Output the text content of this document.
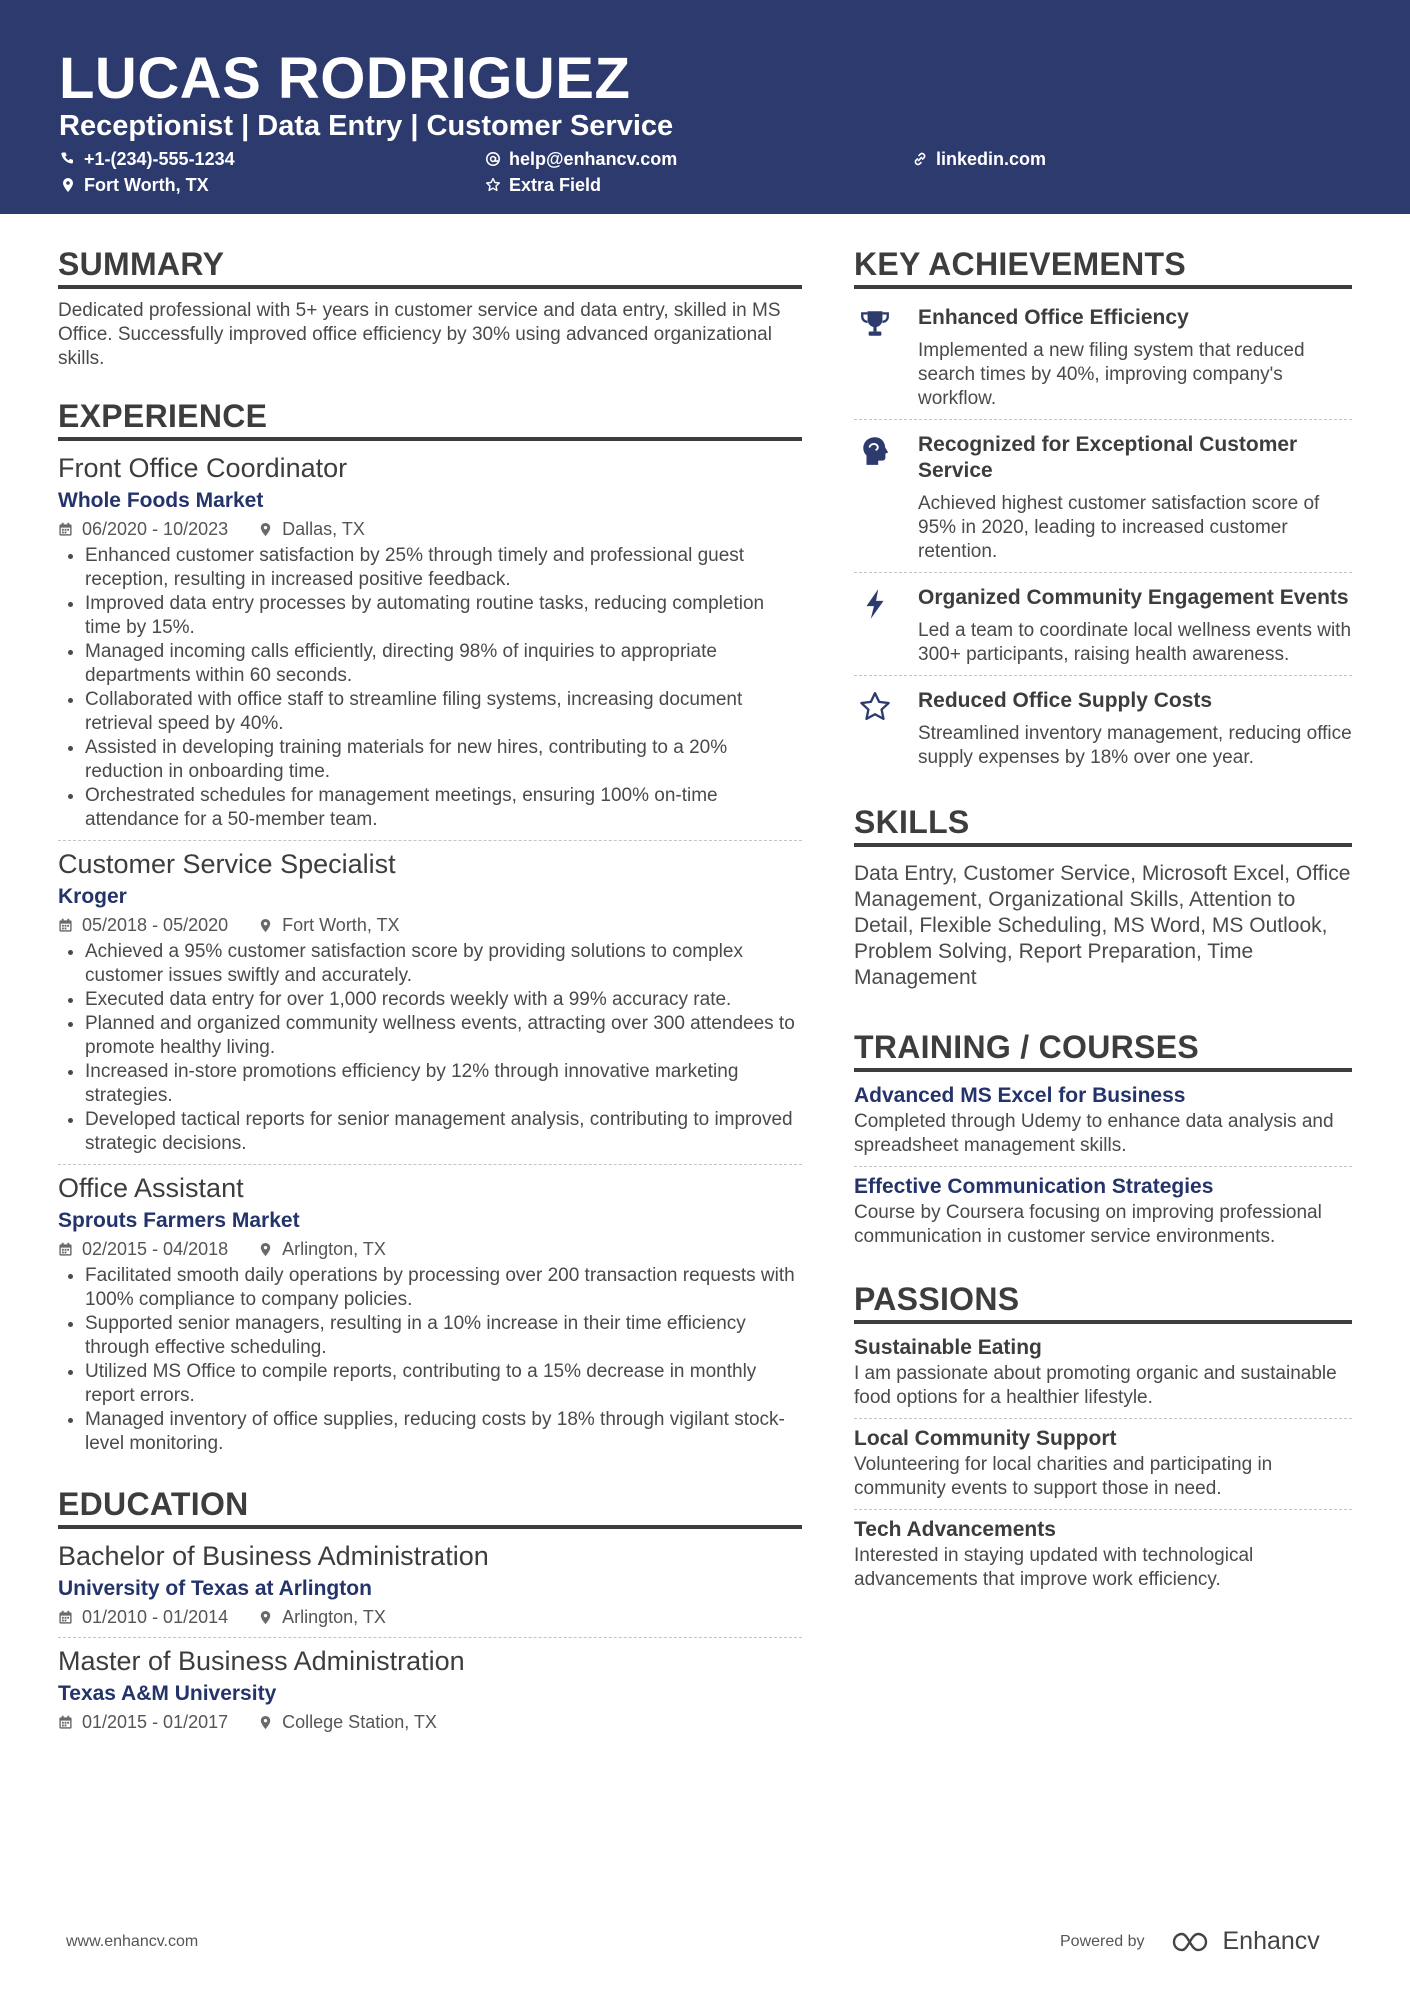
LUCAS RODRIGUEZ
Receptionist | Data Entry | Customer Service
+1-(234)-555-1234	help@enhancv.com	linkedin.com
Fort Worth, TX	Extra Field
SUMMARY
Dedicated professional with 5+ years in customer service and data entry, skilled in MS Office. Successfully improved office efficiency by 30% using advanced organizational skills.
EXPERIENCE
Front Office Coordinator
Whole Foods Market
06/2020 - 10/2023	Dallas, TX
• Enhanced customer satisfaction by 25% through timely and professional guest reception, resulting in increased positive feedback.
• Improved data entry processes by automating routine tasks, reducing completion time by 15%.
• Managed incoming calls efficiently, directing 98% of inquiries to appropriate departments within 60 seconds.
• Collaborated with office staff to streamline filing systems, increasing document retrieval speed by 40%.
• Assisted in developing training materials for new hires, contributing to a 20% reduction in onboarding time.
• Orchestrated schedules for management meetings, ensuring 100% on-time attendance for a 50-member team.
Customer Service Specialist
Kroger
05/2018 - 05/2020	Fort Worth, TX
• Achieved a 95% customer satisfaction score by providing solutions to complex customer issues swiftly and accurately.
• Executed data entry for over 1,000 records weekly with a 99% accuracy rate.
• Planned and organized community wellness events, attracting over 300 attendees to promote healthy living.
• Increased in-store promotions efficiency by 12% through innovative marketing strategies.
• Developed tactical reports for senior management analysis, contributing to improved strategic decisions.
Office Assistant
Sprouts Farmers Market
02/2015 - 04/2018	Arlington, TX
• Facilitated smooth daily operations by processing over 200 transaction requests with 100% compliance to company policies.
• Supported senior managers, resulting in a 10% increase in their time efficiency through effective scheduling.
• Utilized MS Office to compile reports, contributing to a 15% decrease in monthly report errors.
• Managed inventory of office supplies, reducing costs by 18% through vigilant stock-level monitoring.
EDUCATION
Bachelor of Business Administration
University of Texas at Arlington
01/2010 - 01/2014	Arlington, TX
Master of Business Administration
Texas A&M University
01/2015 - 01/2017	College Station, TX
KEY ACHIEVEMENTS
Enhanced Office Efficiency
Implemented a new filing system that reduced search times by 40%, improving company's workflow.
Recognized for Exceptional Customer Service
Achieved highest customer satisfaction score of 95% in 2020, leading to increased customer retention.
Organized Community Engagement Events
Led a team to coordinate local wellness events with 300+ participants, raising health awareness.
Reduced Office Supply Costs
Streamlined inventory management, reducing office supply expenses by 18% over one year.
SKILLS
Data Entry, Customer Service, Microsoft Excel, Office Management, Organizational Skills, Attention to Detail, Flexible Scheduling, MS Word, MS Outlook, Problem Solving, Report Preparation, Time Management
TRAINING / COURSES
Advanced MS Excel for Business
Completed through Udemy to enhance data analysis and spreadsheet management skills.
Effective Communication Strategies
Course by Coursera focusing on improving professional communication in customer service environments.
PASSIONS
Sustainable Eating
I am passionate about promoting organic and sustainable food options for a healthier lifestyle.
Local Community Support
Volunteering for local charities and participating in community events to support those in need.
Tech Advancements
Interested in staying updated with technological advancements that improve work efficiency.
www.enhancv.com	Powered by	Enhancv
